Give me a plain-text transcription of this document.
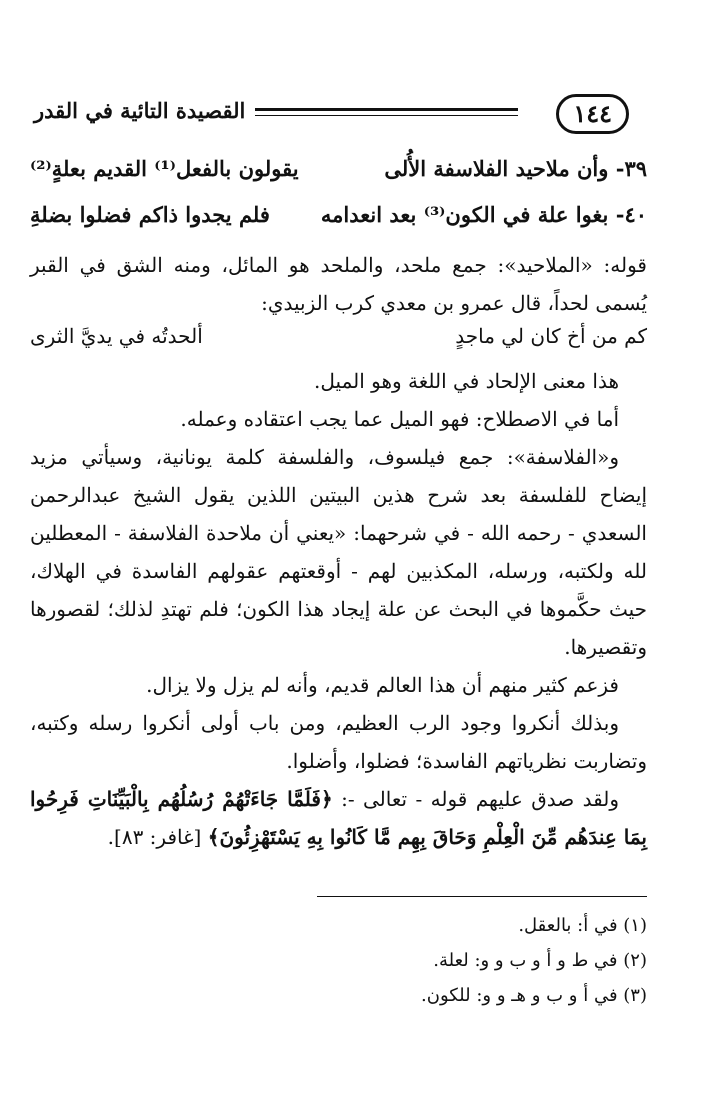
١٤٤
القصيدة التائية في القدر
٣٩- وأن ملاحيد الفلاسفة الأُلى
يقولون بالفعل⁽¹⁾ القديم بعلةٍ⁽²⁾
٤٠- بغوا علة في الكون⁽³⁾ بعد انعدامه
فلم يجدوا ذاكم فضلوا بضلةِ

قوله: «الملاحيد»: جمع ملحد، والملحد هو المائل، ومنه الشق في القبر يُسمى لحداً، قال عمرو بن معدي كرب الزبيدي:

كم من أخ كان لي ماجدٍ
ألحدتُه في يديَّ الثرى

هذا معنى الإلحاد في اللغة وهو الميل.

أما في الاصطلاح: فهو الميل عما يجب اعتقاده وعمله.

و«الفلاسفة»: جمع فيلسوف، والفلسفة كلمة يونانية، وسيأتي مزيد إيضاح للفلسفة بعد شرح هذين البيتين اللذين يقول الشيخ عبدالرحمن السعدي - رحمه الله - في شرحهما: «يعني أن ملاحدة الفلاسفة - المعطلين لله ولكتبه، ورسله، المكذبين لهم - أوقعتهم عقولهم الفاسدة في الهلاك، حيث حكَّموها في البحث عن علة إيجاد هذا الكون؛ فلم تهتدِ لذلك؛ لقصورها وتقصيرها.

فزعم كثير منهم أن هذا العالم قديم، وأنه لم يزل ولا يزال.

وبذلك أنكروا وجود الرب العظيم، ومن باب أولى أنكروا رسله وكتبه، وتضاربت نظرياتهم الفاسدة؛ فضلوا، وأضلوا.

ولقد صدق عليهم قوله - تعالى -: ﴿فَلَمَّا جَاءَتْهُمْ رُسُلُهُم بِالْبَيِّنَاتِ فَرِحُوا بِمَا عِندَهُم مِّنَ الْعِلْمِ وَحَاقَ بِهِم مَّا كَانُوا بِهِ يَسْتَهْزِئُونَ﴾ [غافر: ٨٣].

(١) في أ: بالعقل.
(٢) في ط و أ و ب و و: لعلة.
(٣) في أ و ب و هـ و و: للكون.
